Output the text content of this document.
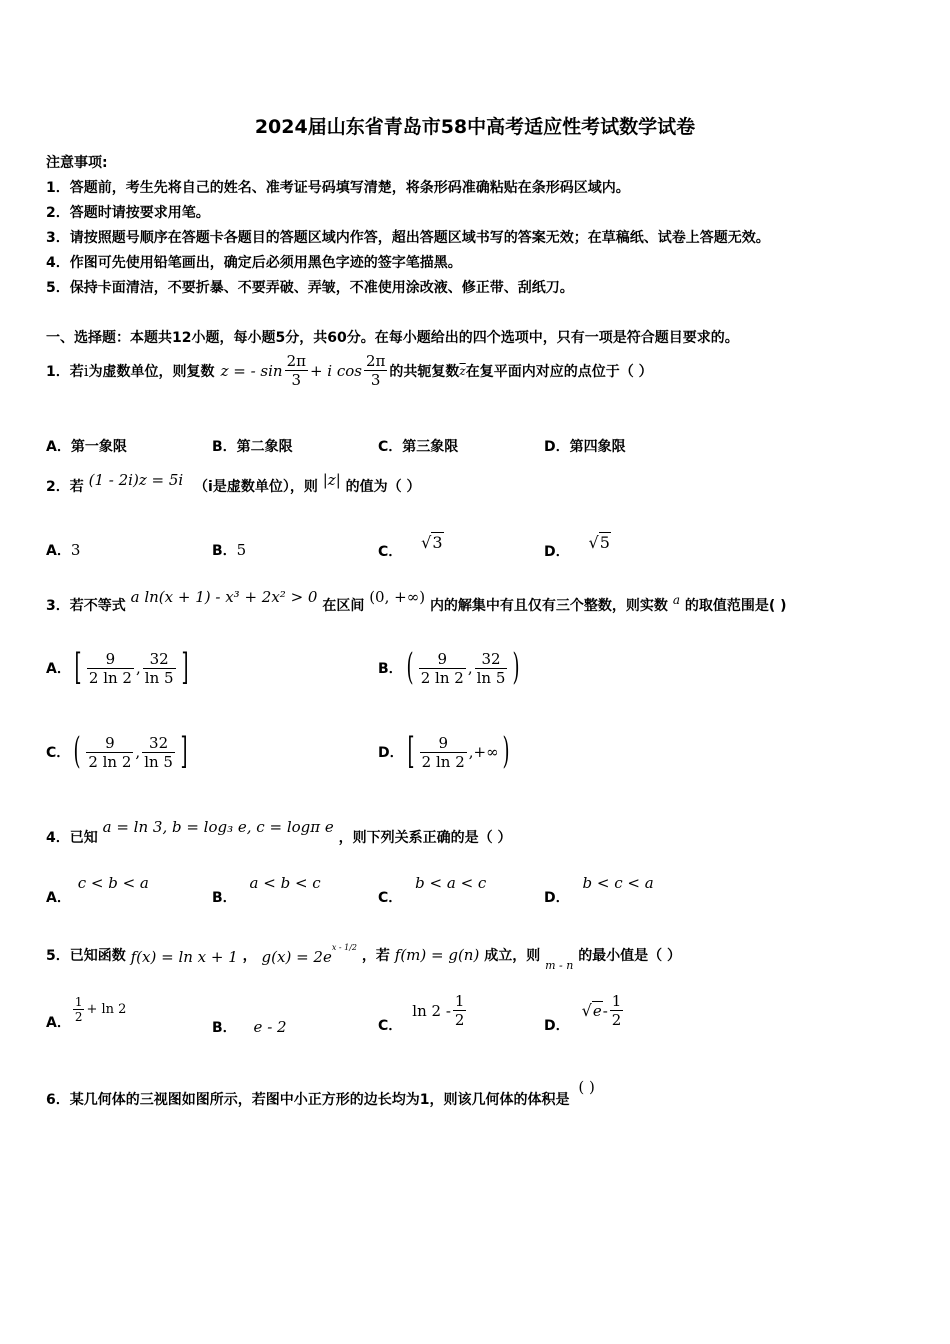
2024届山东省青岛市58中高考适应性考试数学试卷
注意事项:
1．答题前，考生先将自己的姓名、准考证号码填写清楚，将条形码准确粘贴在条形码区域内。
2．答题时请按要求用笔。
3．请按照题号顺序在答题卡各题目的答题区域内作答，超出答题区域书写的答案无效；在草稿纸、试卷上答题无效。
4．作图可先使用铅笔画出，确定后必须用黑色字迹的签字笔描黑。
5．保持卡面清洁，不要折暴、不要弄破、弄皱，不准使用涂改液、修正带、刮纸刀。
一、选择题：本题共12小题，每小题5分，共60分。在每小题给出的四个选项中，只有一项是符合题目要求的。
1．若 i 为虚数单位，则复数 z = - $\sin \frac{2\pi}{3} + i$ $\cos \frac{2\pi}{3}$ 的共轭复数 $\overline{z}$ 在复平面内对应的点位于（ ）
A．第一象限	B．第二象限	C．第三象限	D．第四象限
2．若 (1 - 2i)z = 5i （i是虚数单位），则 |z| 的值为（ ）
A．3	B．5	C． √3	D． √5
3．若不等式 a ln(x + 1) - x³ + 2x² > 0 在区间 (0, +∞) 内的解集中有且仅有三个整数，则实数 a 的取值范围是( )
A． [ $\frac{9}{2 \ln 2}$ , $\frac{32}{\ln 5}$ ]	B． ( $\frac{9}{2 \ln 2}$ , $\frac{32}{\ln 5}$ )
C． ( $\frac{9}{2 \ln 2}$ , $\frac{32}{\ln 5}$ ]	D． [ $\frac{9}{2 \ln 2}$ , +∞ )
4．已知 a = ln 3, b = log₃ e, c = logπ e ，则下列关系正确的是（ ）
A． c < b < a
B． a < b < c
C． b < a < c
D． b < c < a
5．已知函数 f(x) = ln x + 1 ， $g(x) = 2e^{x - 1/2}$ ，若 f(m) = g(n) 成立，则 $_{m - n}$ 的最小值是（ ）
A． $\frac{1}{2} + \ln 2$
B． e - 2	C．
$\ln 2 - \frac{1}{2}$	D．
$√e - \frac{1}{2}$
6．某几何体的三视图如图所示，若图中小正方形的边长均为1，则该几何体的体积是 ( )
